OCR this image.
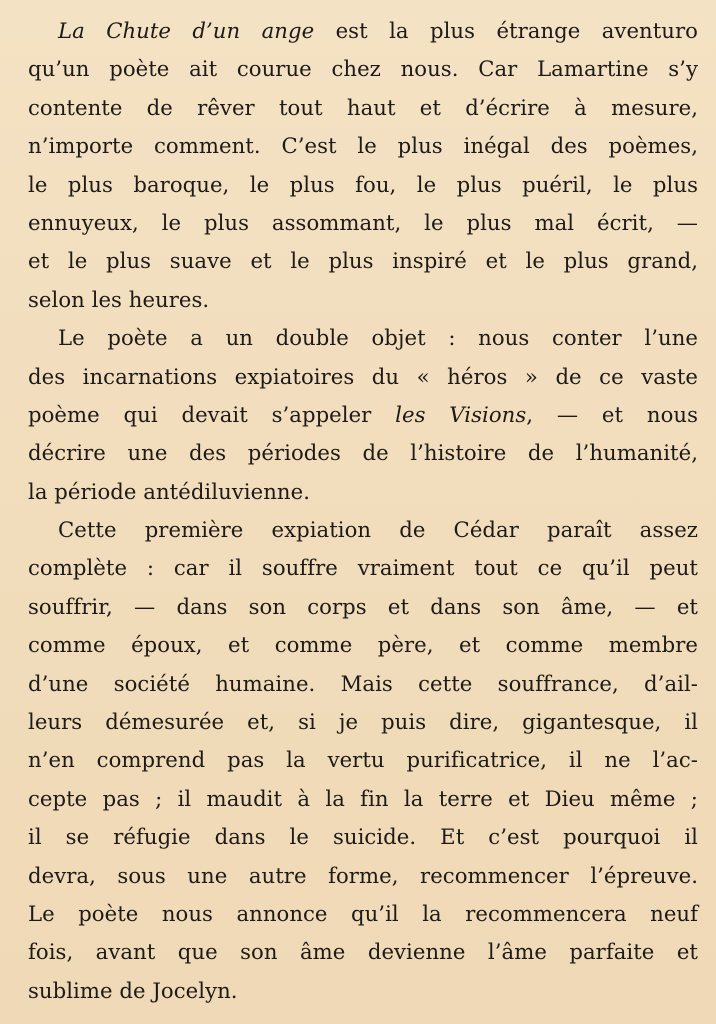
La Chute d’un ange est la plus étrange aventuro
qu’un poète ait courue chez nous. Car Lamartine s’y
contente de rêver tout haut et d’écrire à mesure,
n’importe comment. C’est le plus inégal des poèmes,
le plus baroque, le plus fou, le plus puéril, le plus
ennuyeux, le plus assommant, le plus mal écrit, —
et le plus suave et le plus inspiré et le plus grand,
selon les heures.
Le poète a un double objet : nous conter l’une
des incarnations expiatoires du « héros » de ce vaste
poème qui devait s’appeler les Visions, — et nous
décrire une des périodes de l’histoire de l’humanité,
la période antédiluvienne.
Cette première expiation de Cédar paraît assez
complète : car il souffre vraiment tout ce qu’il peut
souffrir, — dans son corps et dans son âme, — et
comme époux, et comme père, et comme membre
d’une société humaine. Mais cette souffrance, d’ail-
leurs démesurée et, si je puis dire, gigantesque, il
n’en comprend pas la vertu purificatrice, il ne l’ac-
cepte pas ; il maudit à la fin la terre et Dieu même ;
il se réfugie dans le suicide. Et c’est pourquoi il
devra, sous une autre forme, recommencer l’épreuve.
Le poète nous annonce qu’il la recommencera neuf
fois, avant que son âme devienne l’âme parfaite et
sublime de Jocelyn.
